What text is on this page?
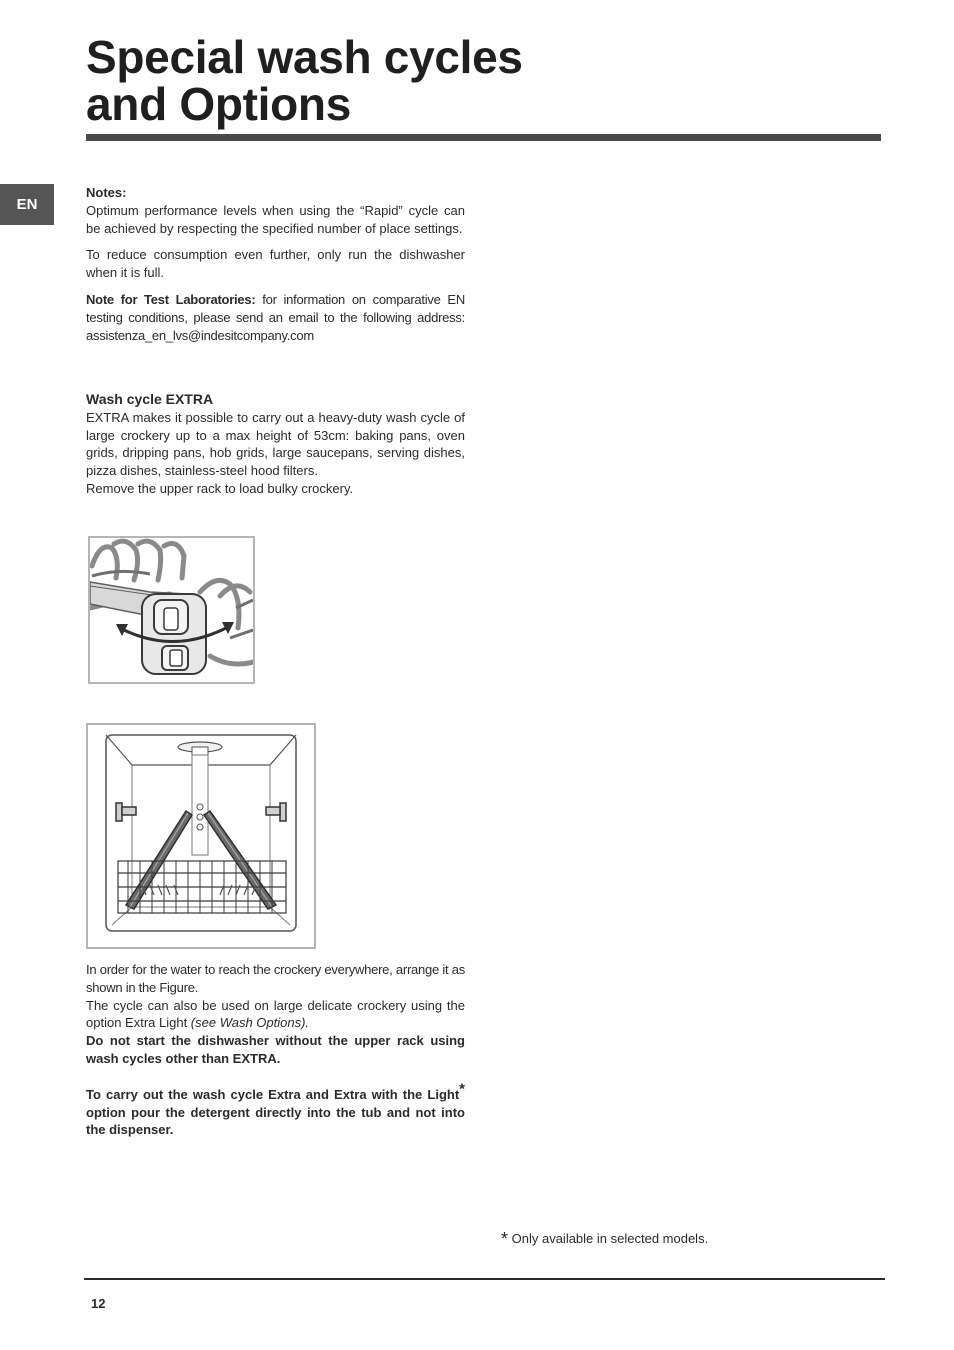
Special wash cycles
and Options
EN

Notes:

Optimum performance levels when using the “Rapid” cycle can be achieved by respecting the specified number of place settings.

To reduce consumption even further, only run the dishwasher when it is full.

Note for Test Laboratories: for information on comparative EN testing conditions, please send an email to the following address: assistenza_en_lvs@indesitcompany.com

Wash cycle EXTRA

EXTRA makes it possible to carry out a heavy-duty wash cycle of large crockery up to a max height of 53cm: baking pans, oven grids, dripping pans, hob grids, large saucepans, serving dishes, pizza dishes, stainless-steel hood filters.

Remove the upper rack to load bulky crockery.

In order for the water to reach the crockery everywhere, arrange it as shown in the Figure.

The cycle can also be used on large delicate crockery using the option Extra Light (see Wash Options).

Do not start the dishwasher without the upper rack using wash cycles other than EXTRA.

To carry out the wash cycle Extra and Extra with the Light* option pour the detergent directly into the tub and not into the dispenser.

* Only available in selected models.
12
